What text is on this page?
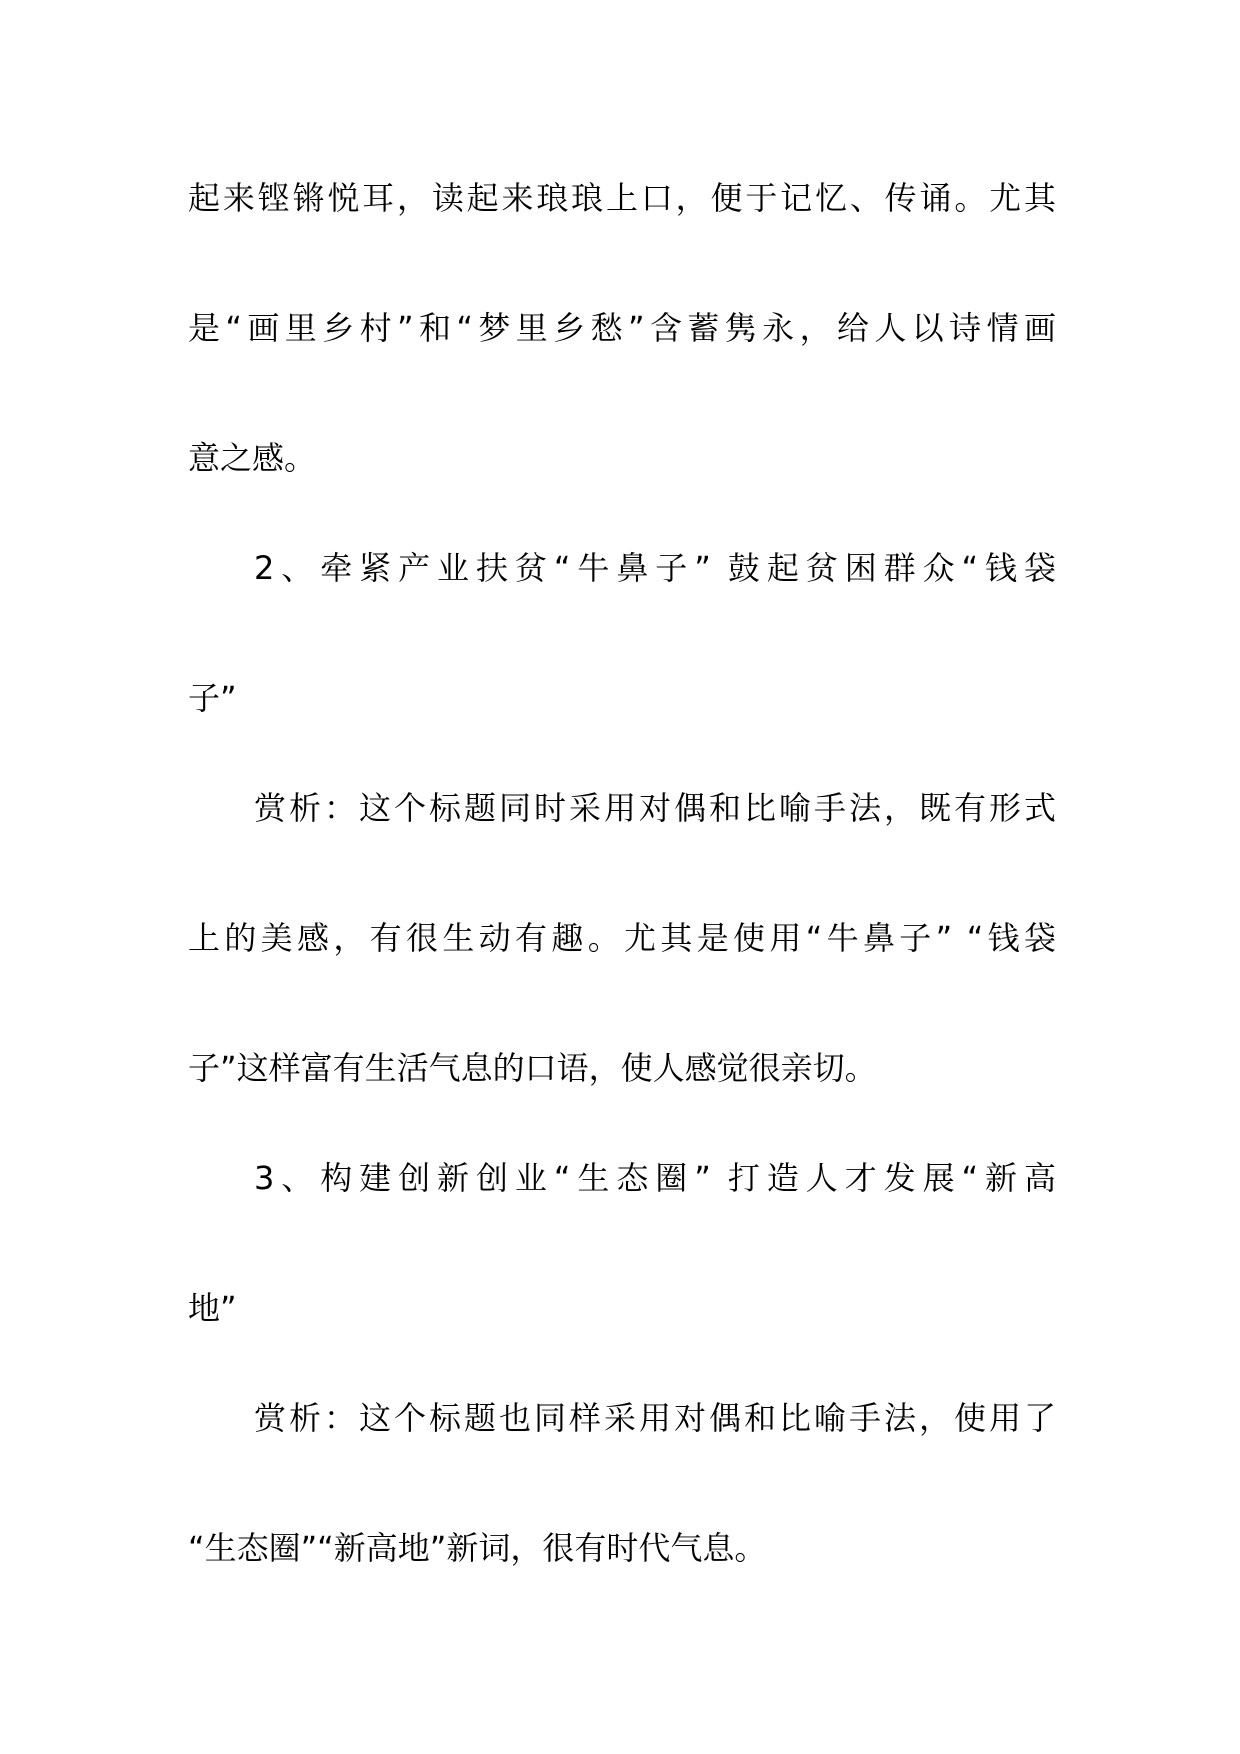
起来铿锵悦耳，读起来琅琅上口，便于记忆、传诵。尤其
是“画里乡村”和“梦里乡愁”含蓄隽永，给人以诗情画
意之感。
2、牵紧产业扶贫“牛鼻子” 鼓起贫困群众“钱袋
子”
赏析：这个标题同时采用对偶和比喻手法，既有形式
上的美感，有很生动有趣。尤其是使用“牛鼻子” “钱袋
子”这样富有生活气息的口语，使人感觉很亲切。
3、构建创新创业“生态圈” 打造人才发展“新高
地”
赏析：这个标题也同样采用对偶和比喻手法，使用了
“生态圈”“新高地”新词，很有时代气息。
